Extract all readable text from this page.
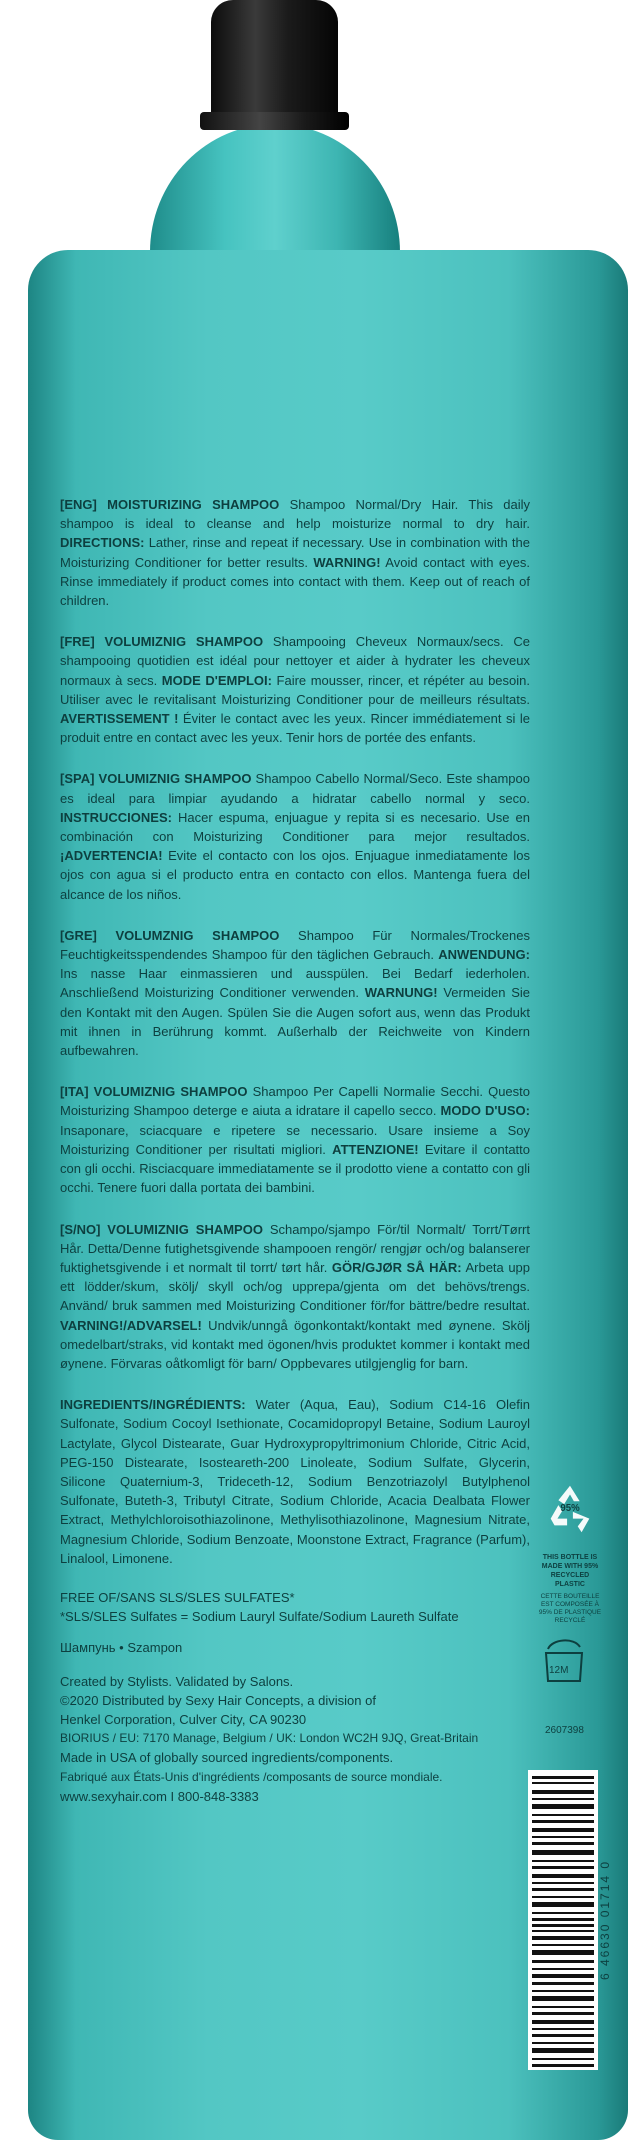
[ENG] MOISTURIZING SHAMPOO Shampoo Normal/Dry Hair. This daily shampoo is ideal to cleanse and help moisturize normal to dry hair. DIRECTIONS: Lather, rinse and repeat if necessary. Use in combination with the Moisturizing Conditioner for better results. WARNING! Avoid contact with eyes. Rinse immediately if product comes into contact with them. Keep out of reach of children.

[FRE] VOLUMIZNIG SHAMPOO Shampooing Cheveux Normaux/secs. Ce shampooing quotidien est idéal pour nettoyer et aider à hydrater les cheveux normaux à secs. MODE D'EMPLOI: Faire mousser, rincer, et répéter au besoin. Utiliser avec le revitalisant Moisturizing Conditioner pour de meilleurs résultats. AVERTISSEMENT ! Éviter le contact avec les yeux. Rincer immédiatement si le produit entre en contact avec les yeux. Tenir hors de portée des enfants.

[SPA] VOLUMIZNIG SHAMPOO Shampoo Cabello Normal/Seco. Este shampoo es ideal para limpiar ayudando a hidratar cabello normal y seco. INSTRUCCIONES: Hacer espuma, enjuague y repita si es necesario. Use en combinación con Moisturizing Conditioner para mejor resultados. ¡ADVERTENCIA! Evite el contacto con los ojos. Enjuague inmediatamente los ojos con agua si el producto entra en contacto con ellos. Mantenga fuera del alcance de los niños.

[GRE] VOLUMZNIG SHAMPOO Shampoo Für Normales/Trockenes Feuchtigkeitsspendendes Shampoo für den täglichen Gebrauch. ANWENDUNG: Ins nasse Haar einmassieren und ausspülen. Bei Bedarf iederholen. Anschließend Moisturizing Conditioner verwenden. WARNUNG! Vermeiden Sie den Kontakt mit den Augen. Spülen Sie die Augen sofort aus, wenn das Produkt mit ihnen in Berührung kommt. Außerhalb der Reichweite von Kindern aufbewahren.

[ITA] VOLUMIZNIG SHAMPOO Shampoo Per Capelli Normalie Secchi. Questo Moisturizing Shampoo deterge e aiuta a idratare il capello secco. MODO D'USO: Insaponare, sciacquare e ripetere se necessario. Usare insieme a Soy Moisturizing Conditioner per risultati migliori. ATTENZIONE! Evitare il contatto con gli occhi. Risciacquare immediatamente se il prodotto viene a contatto con gli occhi. Tenere fuori dalla portata dei bambini.

[S/NO] VOLUMIZNIG SHAMPOO Schampo/sjampo För/til Normalt/ Torrt/Tørrt Hår. Detta/Denne futighetsgivende shampooen rengör/ rengjør och/og balanserer fuktighetsgivende i et normalt til torrt/ tørt hår. GÖR/GJØR SÅ HÄR: Arbeta upp ett lödder/skum, skölj/ skyll och/og upprepa/gjenta om det behövs/trengs. Använd/ bruk sammen med Moisturizing Conditioner för/for bättre/bedre resultat. VARNING!/ADVARSEL! Undvik/unngå ögonkontakt/kontakt med øynene. Skölj omedelbart/straks, vid kontakt med ögonen/hvis produktet kommer i kontakt med øynene. Förvaras oåtkomligt för barn/ Oppbevares utilgjenglig for barn.

INGREDIENTS/INGRÉDIENTS: Water (Aqua, Eau), Sodium C14-16 Olefin Sulfonate, Sodium Cocoyl Isethionate, Cocamidopropyl Betaine, Sodium Lauroyl Lactylate, Glycol Distearate, Guar Hydroxypropyltrimonium Chloride, Citric Acid, PEG-150 Distearate, Isosteareth-200 Linoleate, Sodium Sulfate, Glycerin, Silicone Quaternium-3, Trideceth-12, Sodium Benzotriazolyl Butylphenol Sulfonate, Buteth-3, Tributyl Citrate, Sodium Chloride, Acacia Dealbata Flower Extract, Methylchloroisothiazolinone, Methylisothiazolinone, Magnesium Nitrate, Magnesium Chloride, Sodium Benzoate, Moonstone Extract, Fragrance (Parfum), Linalool, Limonene.

FREE OF/SANS SLS/SLES SULFATES*
*SLS/SLES Sulfates = Sodium Lauryl Sulfate/Sodium Laureth Sulfate
Шампунь • Szampon
Created by Stylists. Validated by Salons.
©2020 Distributed by Sexy Hair Concepts, a division of
Henkel Corporation, Culver City, CA 90230
BIORIUS / EU: 7170 Manage, Belgium / UK: London WC2H 9JQ, Great-Britain
Made in USA of globally sourced ingredients/components.
Fabriqué aux États-Unis d'ingrédients /composants de source mondiale.
www.sexyhair.com I 800-848-3383
95%
THIS BOTTLE IS MADE WITH 95% RECYCLED PLASTIC
CETTE BOUTEILLE EST COMPOSÉE À 95% DE PLASTIQUE RECYCLÉ
12M
2607398
6 46630 01714 0
